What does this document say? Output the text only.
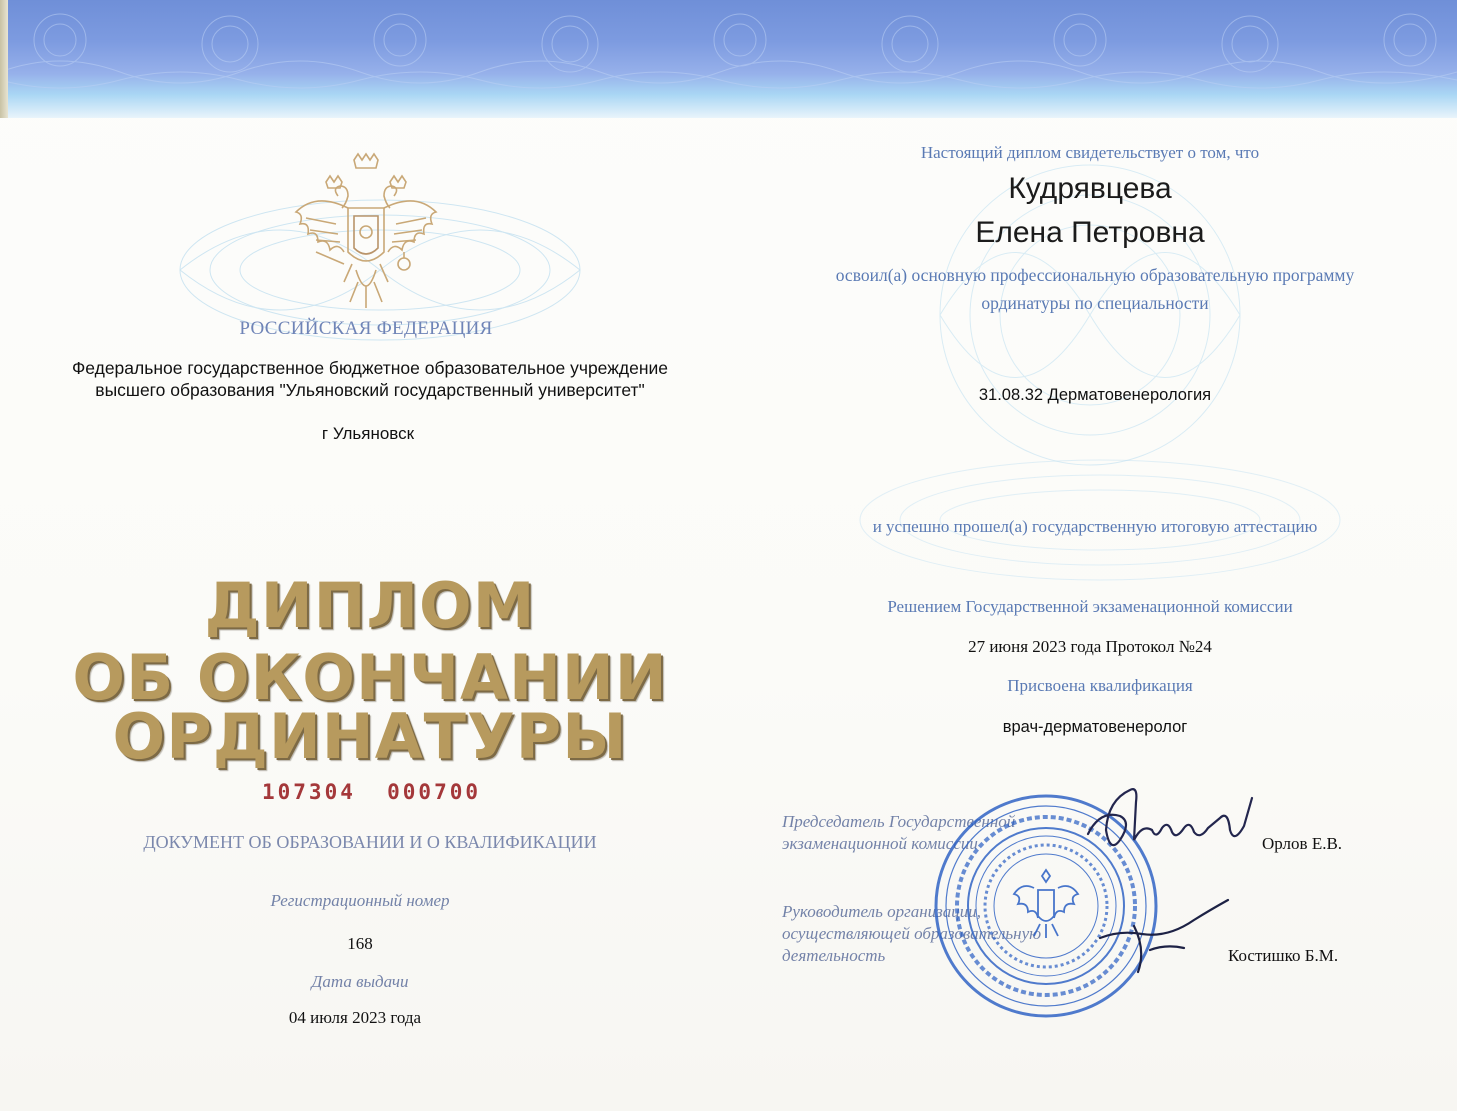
РОССИЙСКАЯ ФЕДЕРАЦИЯ
Федеральное государственное бюджетное образовательное учреждение
высшего образования "Ульяновский государственный университет"
г Ульяновск
ДИПЛОМ
ОБ ОКОНЧАНИИ
ОРДИНАТУРЫ
107304  000700
ДОКУМЕНТ ОБ ОБРАЗОВАНИИ И О КВАЛИФИКАЦИИ
Регистрационный номер
168
Дата выдачи
04 июля 2023 года
Настоящий диплом свидетельствует о том, что
Кудрявцева
Елена Петровна
освоил(а) основную профессиональную образовательную программу
ординатуры по специальности
31.08.32 Дерматовенерология
и успешно прошел(а) государственную итоговую аттестацию
Решением Государственной экзаменационной комиссии
27 июня 2023 года Протокол №24
Присвоена квалификация
врач-дерматовенеролог
Председатель Государственной
экзаменационной комиссии	Орлов Е.В.
Руководитель организации,
осуществляющей образовательную
деятельность	Костишко Б.М.
